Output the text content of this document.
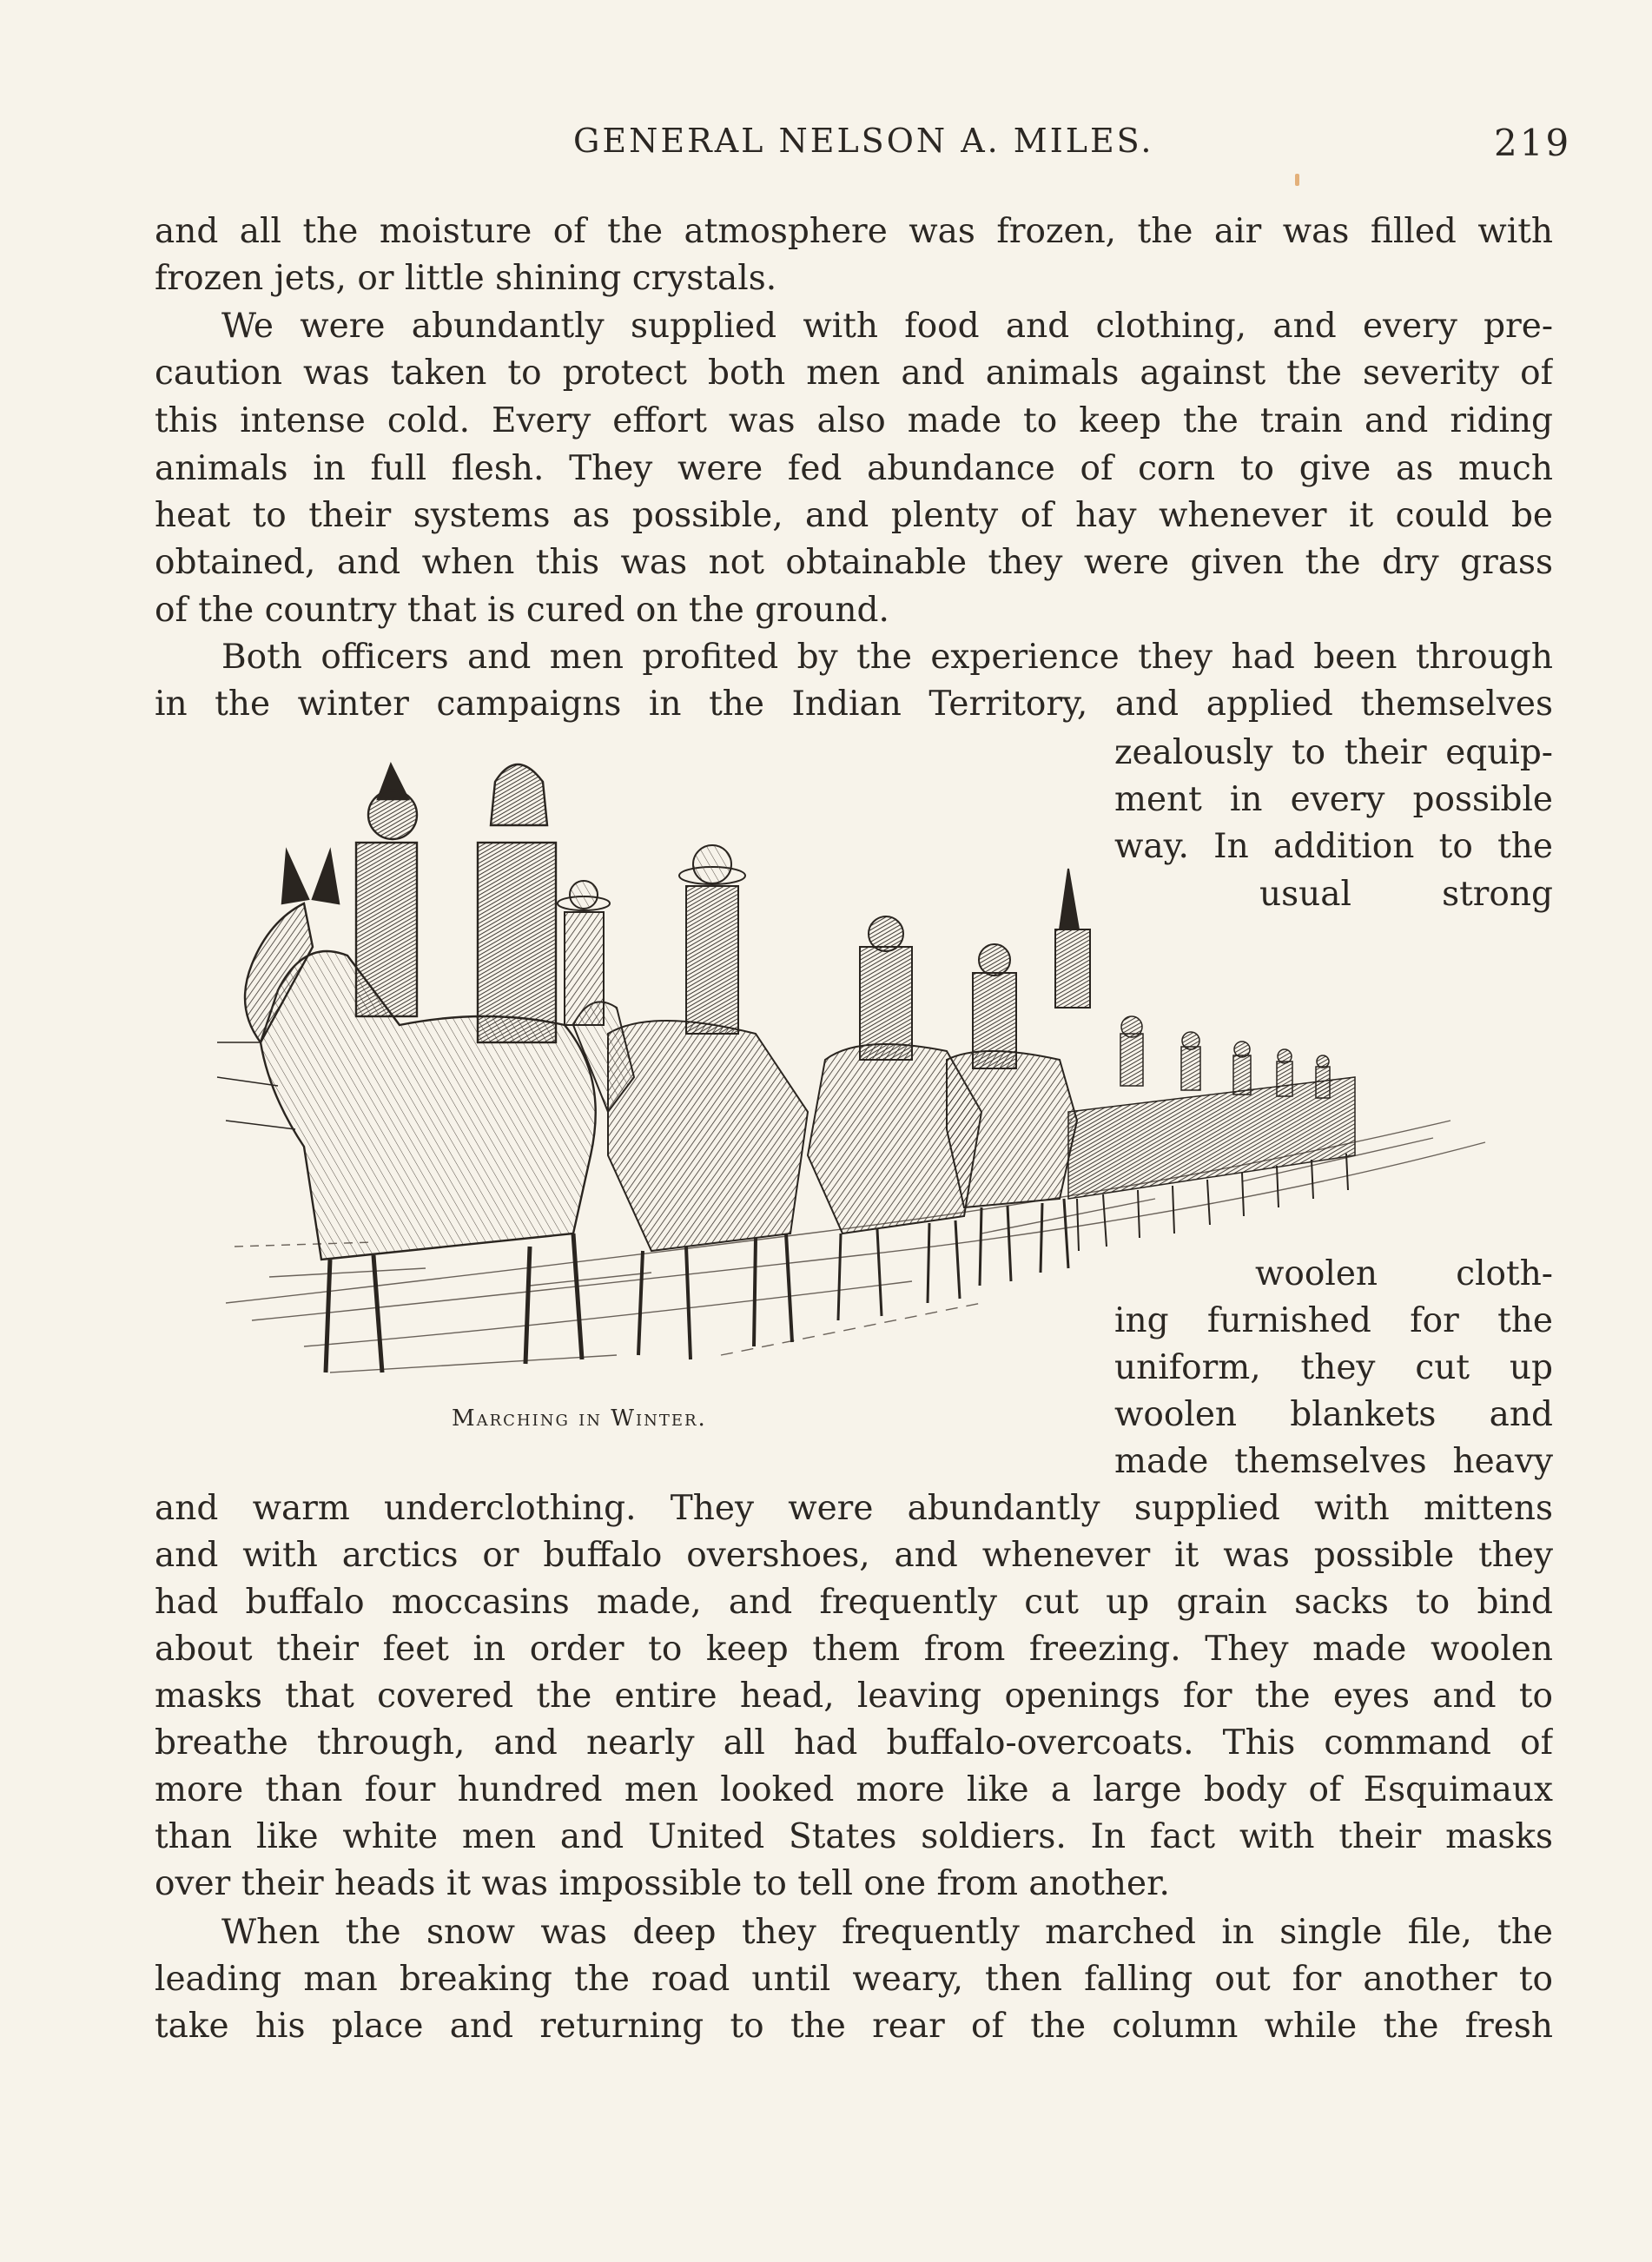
GENERAL NELSON A. MILES.	219
and all the moisture of the atmosphere was frozen, the air was filled with
frozen jets, or little shining crystals.
We were abundantly supplied with food and clothing, and every pre-
caution was taken to protect both men and animals against the severity of
this intense cold. Every effort was also made to keep the train and riding
animals in full flesh. They were fed abundance of corn to give as much
heat to their systems as possible, and plenty of hay whenever it could be
obtained, and when this was not obtainable they were given the dry grass
of the country that is cured on the ground.
Both officers and men profited by the experience they had been through
in the winter campaigns in the Indian Territory, and applied themselves
zealously to their equip-
ment in every possible
way. In addition to the
usual strong
woolen cloth-
ing furnished for the
uniform, they cut up
woolen blankets and
made themselves heavy
and warm underclothing. They were abundantly supplied with mittens
and with arctics or buffalo overshoes, and whenever it was possible they
had buffalo moccasins made, and frequently cut up grain sacks to bind
about their feet in order to keep them from freezing. They made woolen
masks that covered the entire head, leaving openings for the eyes and to
breathe through, and nearly all had buffalo-overcoats. This command of
more than four hundred men looked more like a large body of Esquimaux
than like white men and United States soldiers. In fact with their masks
over their heads it was impossible to tell one from another.
When the snow was deep they frequently marched in single file, the
leading man breaking the road until weary, then falling out for another to
take his place and returning to the rear of the column while the fresh
Marching in Winter.
